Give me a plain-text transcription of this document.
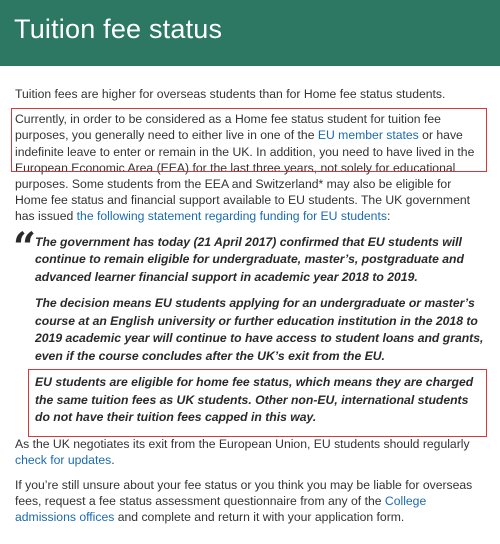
Tuition fee status

Tuition fees are higher for overseas students than for Home fee status students.

Currently, in order to be considered as a Home fee status student for tuition fee purposes, you generally need to either live in one of the EU member states or have indefinite leave to enter or remain in the UK. In addition, you need to have lived in the European Economic Area (EEA) for the last three years, not solely for educational purposes. Some students from the EEA and Switzerland* may also be eligible for Home fee status and financial support available to EU students. The UK government has issued the following statement regarding funding for EU students:

“

The government has today (21 April 2017) confirmed that EU students will continue to remain eligible for undergraduate, master’s, postgraduate and advanced learner financial support in academic year 2018 to 2019.

The decision means EU students applying for an undergraduate or master’s course at an English university or further education institution in the 2018 to 2019 academic year will continue to have access to student loans and grants, even if the course concludes after the UK’s exit from the EU.

EU students are eligible for home fee status, which means they are charged the same tuition fees as UK students. Other non-EU, international students do not have their tuition fees capped in this way.

As the UK negotiates its exit from the European Union, EU students should regularly check for updates.

If you’re still unsure about your fee status or you think you may be liable for overseas fees, request a fee status assessment questionnaire from any of the College admissions offices and complete and return it with your application form.
